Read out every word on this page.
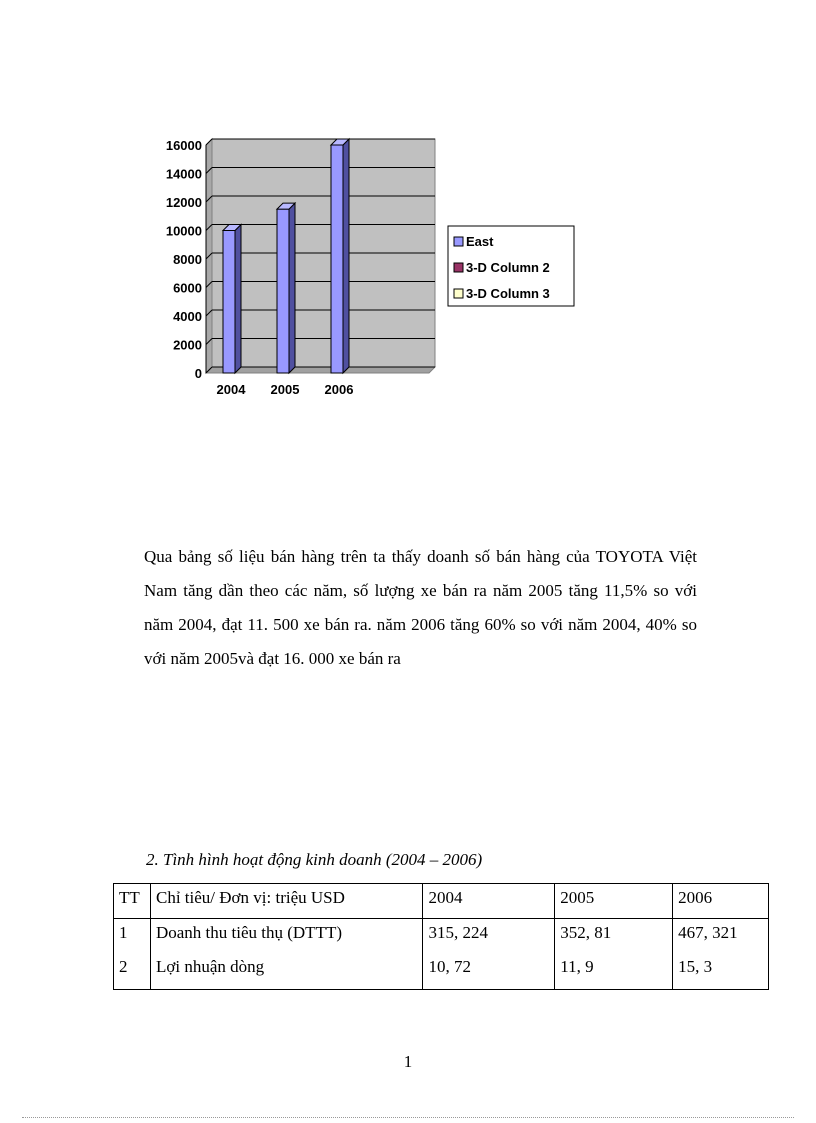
0
2000
4000
6000
8000
10000
12000
14000
16000
2004 2005 2006
East
3-D Column 2
3-D Column 3

Qua bảng số liệu bán hàng trên ta thấy doanh số bán hàng của TOYOTA Việt Nam tăng dần theo các năm, số lượng xe bán ra năm 2005 tăng 11,5% so với năm 2004, đạt 11. 500 xe bán ra. năm 2006 tăng 60% so với năm 2004, 40% so với năm 2005và đạt 16. 000 xe bán ra

2. Tình hình hoạt động kinh doanh (2004 – 2006)

TT	Chỉ tiêu/ Đơn vị: triệu USD	2004	2005	2006
1	Doanh thu tiêu thụ (DTTT)	315, 224	352, 81	467, 321
2	Lợi nhuận dòng	10, 72	11, 9	15, 3

1
